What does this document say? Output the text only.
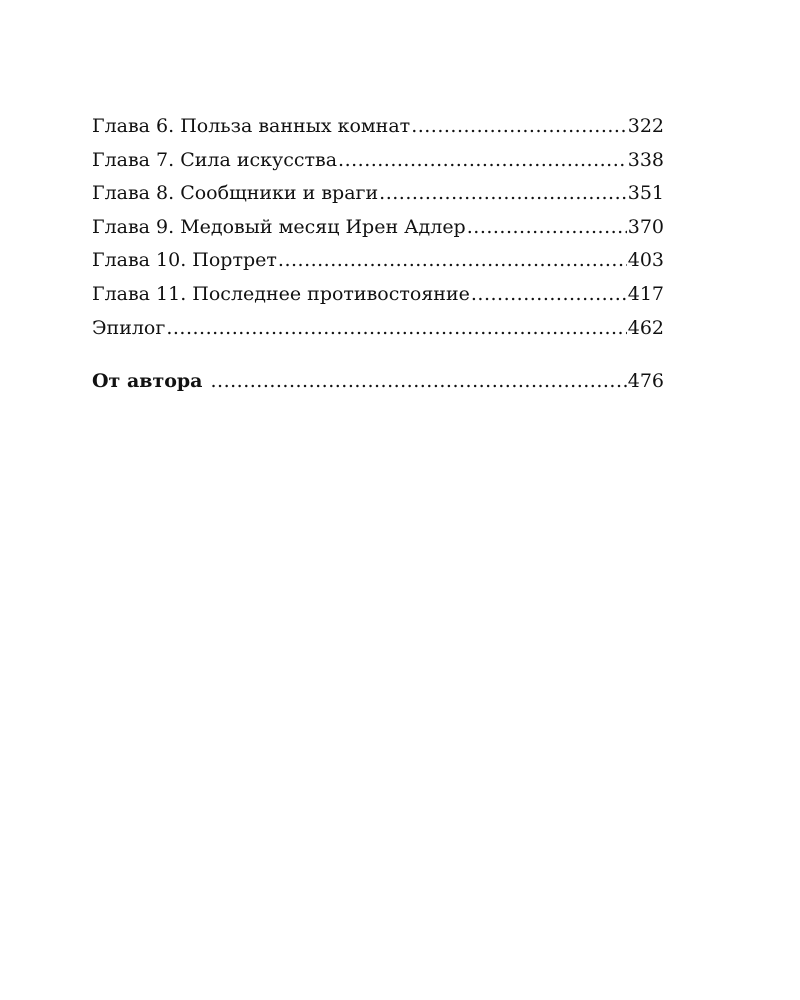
Глава 6. Польза ванных комнат .....	322
Глава 7. Сила искусства .....	338
Глава 8. Сообщники и враги .....	351
Глава 9. Медовый месяц Ирен Адлер .....	370
Глава 10. Портрет .....	403
Глава 11. Последнее противостояние .....	417
Эпилог .....	462
От автора .....	476
